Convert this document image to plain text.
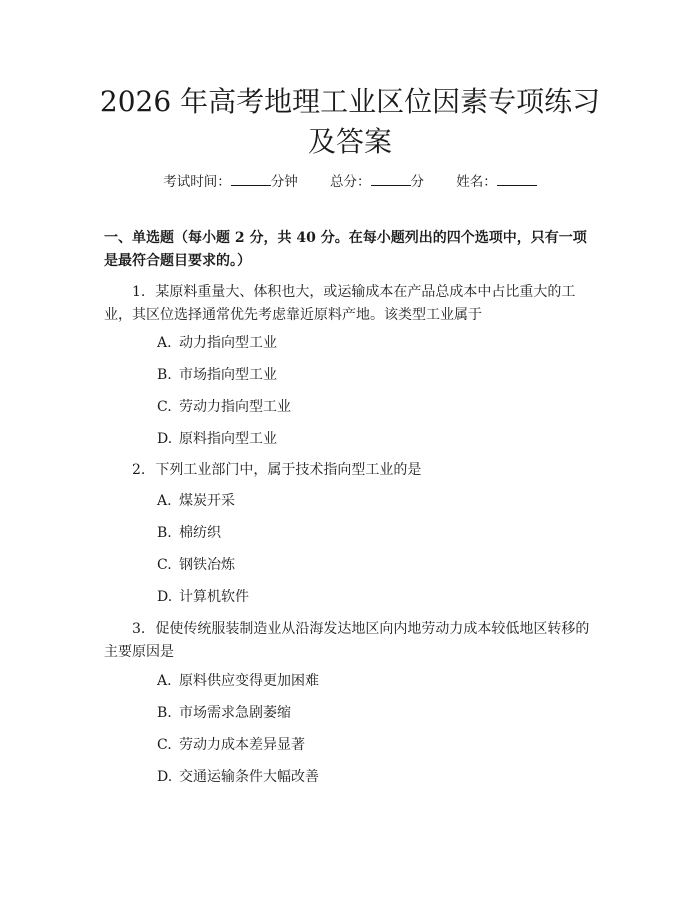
2026 年高考地理工业区位因素专项练习及答案
考试时间：	分钟 总分：	分 姓名：

一、单选题（每小题 2 分，共 40 分。在每小题列出的四个选项中，只有一项是最符合题目要求的。）

1. 某原料重量大、体积也大，或运输成本在产品总成本中占比重大的工业，其区位选择通常优先考虑靠近原料产地。该类型工业属于

A. 动力指向型工业
B. 市场指向型工业
C. 劳动力指向型工业
D. 原料指向型工业

2. 下列工业部门中，属于技术指向型工业的是

A. 煤炭开采
B. 棉纺织
C. 钢铁冶炼
D. 计算机软件

3. 促使传统服装制造业从沿海发达地区向内地劳动力成本较低地区转移的主要原因是

A. 原料供应变得更加困难
B. 市场需求急剧萎缩
C. 劳动力成本差异显著
D. 交通运输条件大幅改善
